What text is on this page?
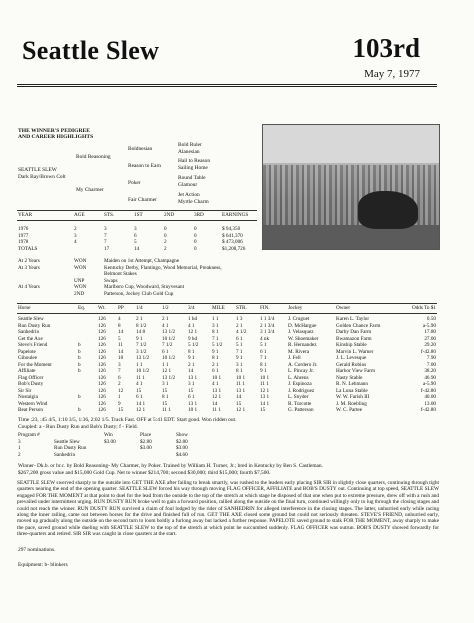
Seattle Slew	103rd
May 7, 1977
THE WINNER'S PEDIGREE
AND CAREER HIGHLIGHTS
SEATTLE SLEW
Dark Bay/Brown Colt
Bold Reasoning
My Charmer
Boldnesian
Reason to Earn
Poker
Fair Charmer
Bold Ruler
Alanesian
Hail to Reason
Sailing Home
Round Table
Glamour
Jet Action
Myrtle Charm
YEAR	AGE	STS.	1ST	2ND	3RD	EARNINGS
1976	2	3	3	0	0	$ 94,350
1977	3	7	6	0	0	$ 641,370
1978	4	7	5	2	0	$ 473,006
TOTALS		17	14	2	0	$1,208,726
At 2 Years	WON	Maiden on 1st Attempt, Champagne
At 3 Years	WON	Kentucky Derby, Flamingo, Wood Memorial, Preakness,
		Belmont Stakes
	UNP	Swaps
At 4 Years	WON	Marlboro Cup, Woodward, Stuyvesant
	2ND	Patterson, Jockey Club Gold Cup
Horse	Eq.	Wt.	PP	1/4	1/2	3/4	MILE	STR.	FIN.	Jockey	Owner	Odds To $1
Seattle Slew		126	4	2 1	2 1	1 hd	1 1	1 3	1 1 3/4	J. Cruguet	Karen L. Taylor	0.50
Run Dusty Run		126	8	8 1/2	4 1	4 1	3 1	2 1	2 1 3/4	D. McHargue	Golden Chance Farm	a-5.90
Sanhedrin		126	14	14 8	13 1/2	12 1	8 1	4 1/2	3 1 3/4	J. Velasquez	Darby Dan Farm	17.80
Get the Axe		126	5	9 1	10 1/2	9 hd	7 1	6 1	4 nk	W. Shoemaker	Bwamazon Farm	27.00
Steve's Friend	b	126	11	7 1/2	7 1/2	5 1/2	5 1/2	5 1	5 1	R. Hernandez	Kinship Stable	29.20
Papelote	b	126	14	3 1/2	6 1	8 1	9 1	7 1	6 1	M. Rivera	Marvin L. Warner	f-42.80
Giboulee	b	126	10	13 1/2	10 1/2	9 1	8 1	9 1	7 1	J. Fell	J. L. Levesque	7.90
For the Moment	b	126	3	1 1	1 1	2 1	2 1	3 1	8 1	A. Cordero Jr.	Gerald Robins	7.00
Affiliate	b	126	7	10 1/2	12 1	14	6 1	8 1	9 1	L. Pincay Jr.	Harbor View Farm	38.20
Flag Officer		126	6	11 1	13 1/2	13 1	10 1	10 1	10 1	L. Ahrens	Nasty Stable	46.90
Bob's Dusty		126	2	4 1	3 1	3 1	4 1	11 1	11 1	J. Espinoza	R. N. Lehmann	a-5.90
Sir Sir		126	12	15	15	15	13 1	13 1	12 1	J. Rodriguez	La Luna Stable	f-42.80
Nostalgia	b	126	1	6 1	8 1	6 1	12 1	14	13 1	L. Snyder	W. W. Farish III	40.00
Western Wind		126	9	14 1	15	13 1	14	15	14 1	R. Turcotte	J. M. Roebling	13.00
Beat Person	b	126	15	12 1	11 1	10 1	11 1	12 1	15	G. Patterson	W. C. Partee	f-42.80
Time :23, :45 4/5, 1:10 3/5, 1:36, 2:02 1/5. Track Fast. OFF at 5:41 EDT. Start good. Won ridden out.
Coupled: a - Run Dusty Run and Bob's Dusty; f - Field.
Program #		Win	Place	Show
3	Seattle Slew	$3.00	$2.80	$2.80
1	Run Dusty Run		$3.00	$3.00
2	Sanhedrin			$4.60
Winner- Dk.b. or br.c. by Bold Reasoning- My Charmer, by Poker. Trained by William H. Turner, Jr.; bred in Kentucky by Ben S. Castleman.
$267,200 gross value and $15,000 Gold Cup. Net to winner $214,700; second $30,000; third $15,000; fourth $7,500.
SEATTLE SLEW swerved sharply to the outside into GET THE AXE after failing to break smartly, was rushed to the leaders early placing SIR SIR in slightly close quarters, continuing through tight quarters nearing the end of the opening quarter. SEATTLE SLEW forced his way through moving FLAG OFFICER, AFFILIATE and BOB'S DUSTY out. Continuing at top speed, SEATTLE SLEW engaged FOR THE MOMENT at that point to duel for the lead from the outside to the top of the stretch at which stage he disposed of that one when put to extreme pressure, drew off with a rush and prevailed under intermittent urging. RUN DUSTY RUN broke well to gain a forward position, rallied along the outside on the final turn, continued willingly only to lug through the closing stages and could not reach the winner. RUN DUSTY RUN survived a claim of foul lodged by the rider of SANHEDRIN for alleged interference in the closing stages. The latter, unhurried early while racing along the inner railing, came out between horses for the drive and finished full of run. GET THE AXE closed some ground but could not seriously threaten. STEVE'S FRIEND, unhurried early, moved up gradually along the outside on the second turn to loom boldly a furlong away but lacked a further response. PAPELOTE saved ground to stalk FOR THE MOMENT, away sharply to make the pace, saved ground while dueling with SEATTLE SLEW to the top of the stretch at which point he succumbed suddenly. FLAG OFFICER was outrun. BOB'S DUSTY showed forwardly for three-quarters and retired. SIR SIR was caught in close quarters at the start.
297 nominations.
Equipment: b- blinkers
